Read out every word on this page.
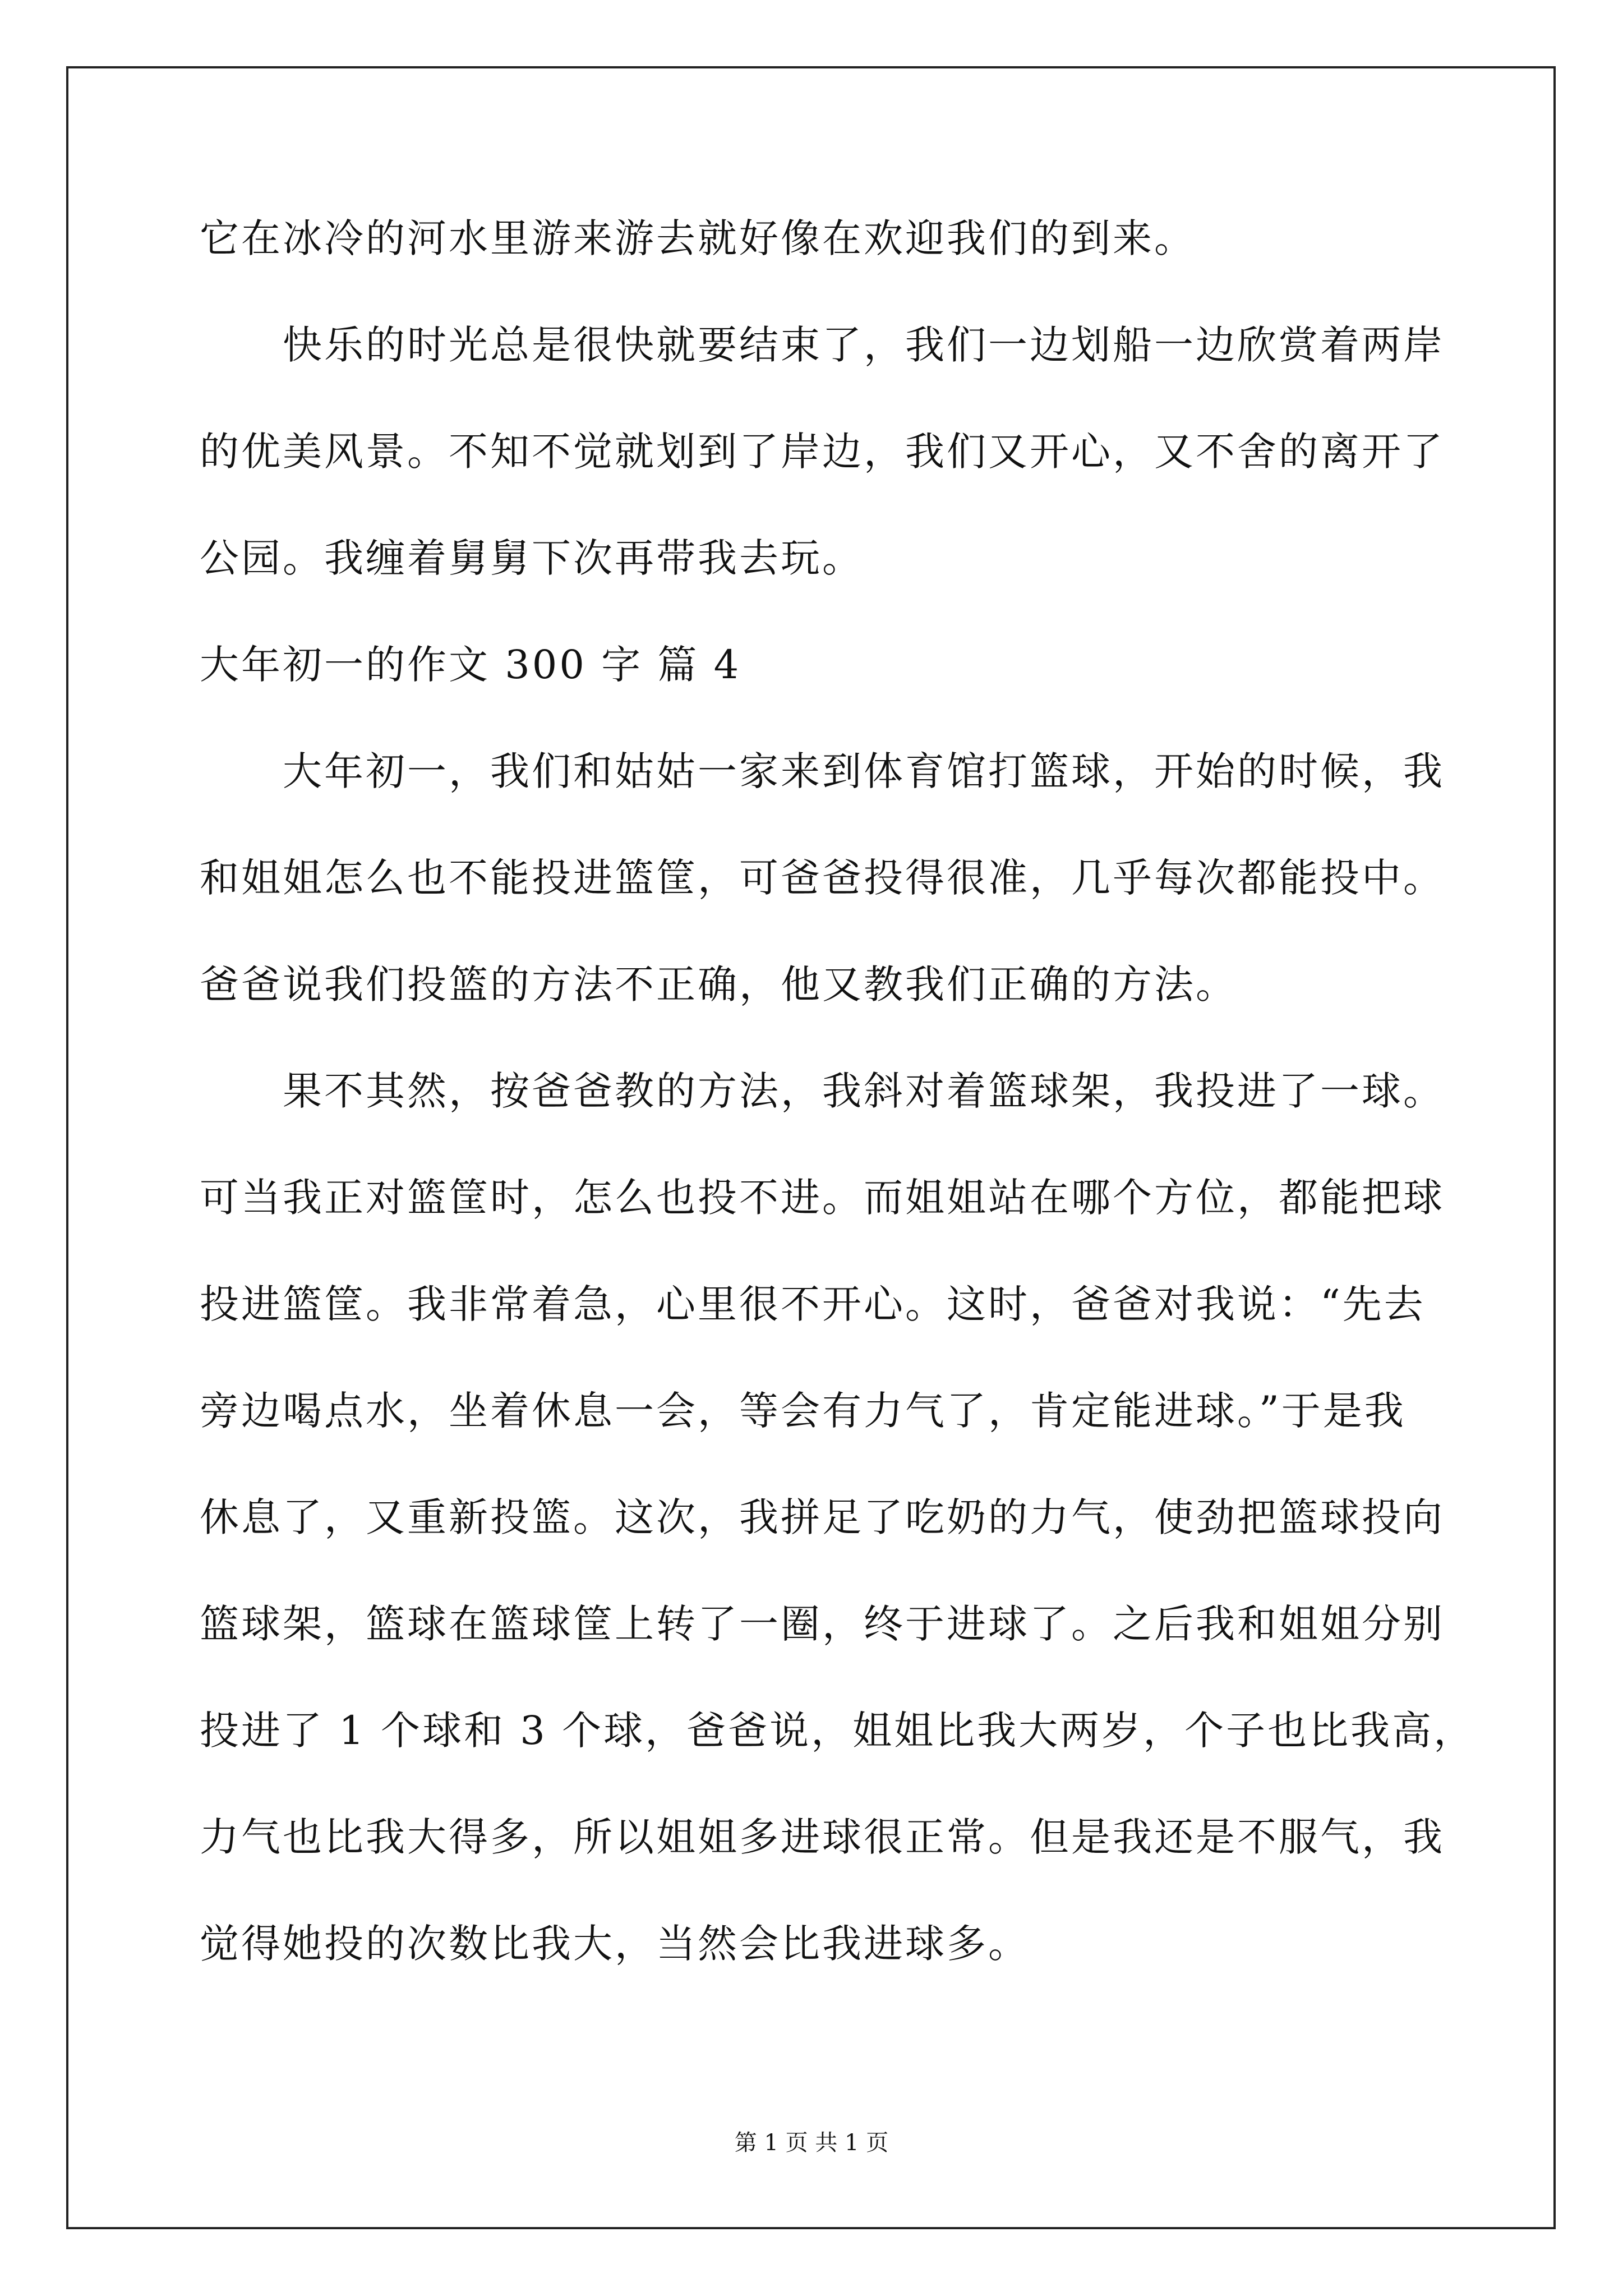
它在冰冷的河水里游来游去就好像在欢迎我们的到来。
快乐的时光总是很快就要结束了，我们一边划船一边欣赏着两岸
的优美风景。不知不觉就划到了岸边，我们又开心，又不舍的离开了
公园。我缠着舅舅下次再带我去玩。
大年初一的作文 300 字 篇 4
大年初一，我们和姑姑一家来到体育馆打篮球，开始的时候，我
和姐姐怎么也不能投进篮筐，可爸爸投得很准，几乎每次都能投中。
爸爸说我们投篮的方法不正确，他又教我们正确的方法。
果不其然，按爸爸教的方法，我斜对着篮球架，我投进了一球。
可当我正对篮筐时，怎么也投不进。而姐姐站在哪个方位，都能把球
投进篮筐。我非常着急，心里很不开心。这时，爸爸对我说：“先去
旁边喝点水，坐着休息一会，等会有力气了，肯定能进球。”于是我
休息了，又重新投篮。这次，我拼足了吃奶的力气，使劲把篮球投向
篮球架，篮球在篮球筐上转了一圈，终于进球了。之后我和姐姐分别
投进了 1 个球和 3 个球，爸爸说，姐姐比我大两岁，个子也比我高，
力气也比我大得多，所以姐姐多进球很正常。但是我还是不服气，我
觉得她投的次数比我大，当然会比我进球多。
第 1 页 共 1 页
